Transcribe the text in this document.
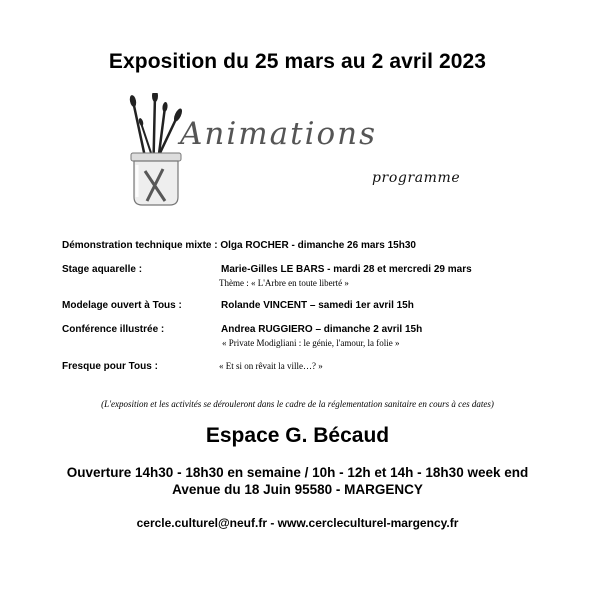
Exposition du 25 mars au 2 avril 2023
Animations
programme
Démonstration technique mixte : Olga ROCHER - dimanche 26 mars 15h30
Stage aquarelle :	Marie-Gilles LE BARS - mardi 28 et mercredi 29 mars
Thème : « L'Arbre en toute liberté »
Modelage ouvert à Tous :	Rolande VINCENT – samedi 1er avril 15h
Conférence illustrée :	Andrea RUGGIERO – dimanche 2 avril 15h
« Private Modigliani : le génie, l'amour, la folie »
Fresque pour Tous :	« Et si on rêvait la ville…? »
(L'exposition et les activités se dérouleront dans le cadre de la réglementation sanitaire en cours à ces dates)
Espace G. Bécaud
Ouverture 14h30 - 18h30 en semaine / 10h - 12h et 14h - 18h30 week end
Avenue du 18 Juin 95580 - MARGENCY
cercle.culturel@neuf.fr - www.cercleculturel-margency.fr
